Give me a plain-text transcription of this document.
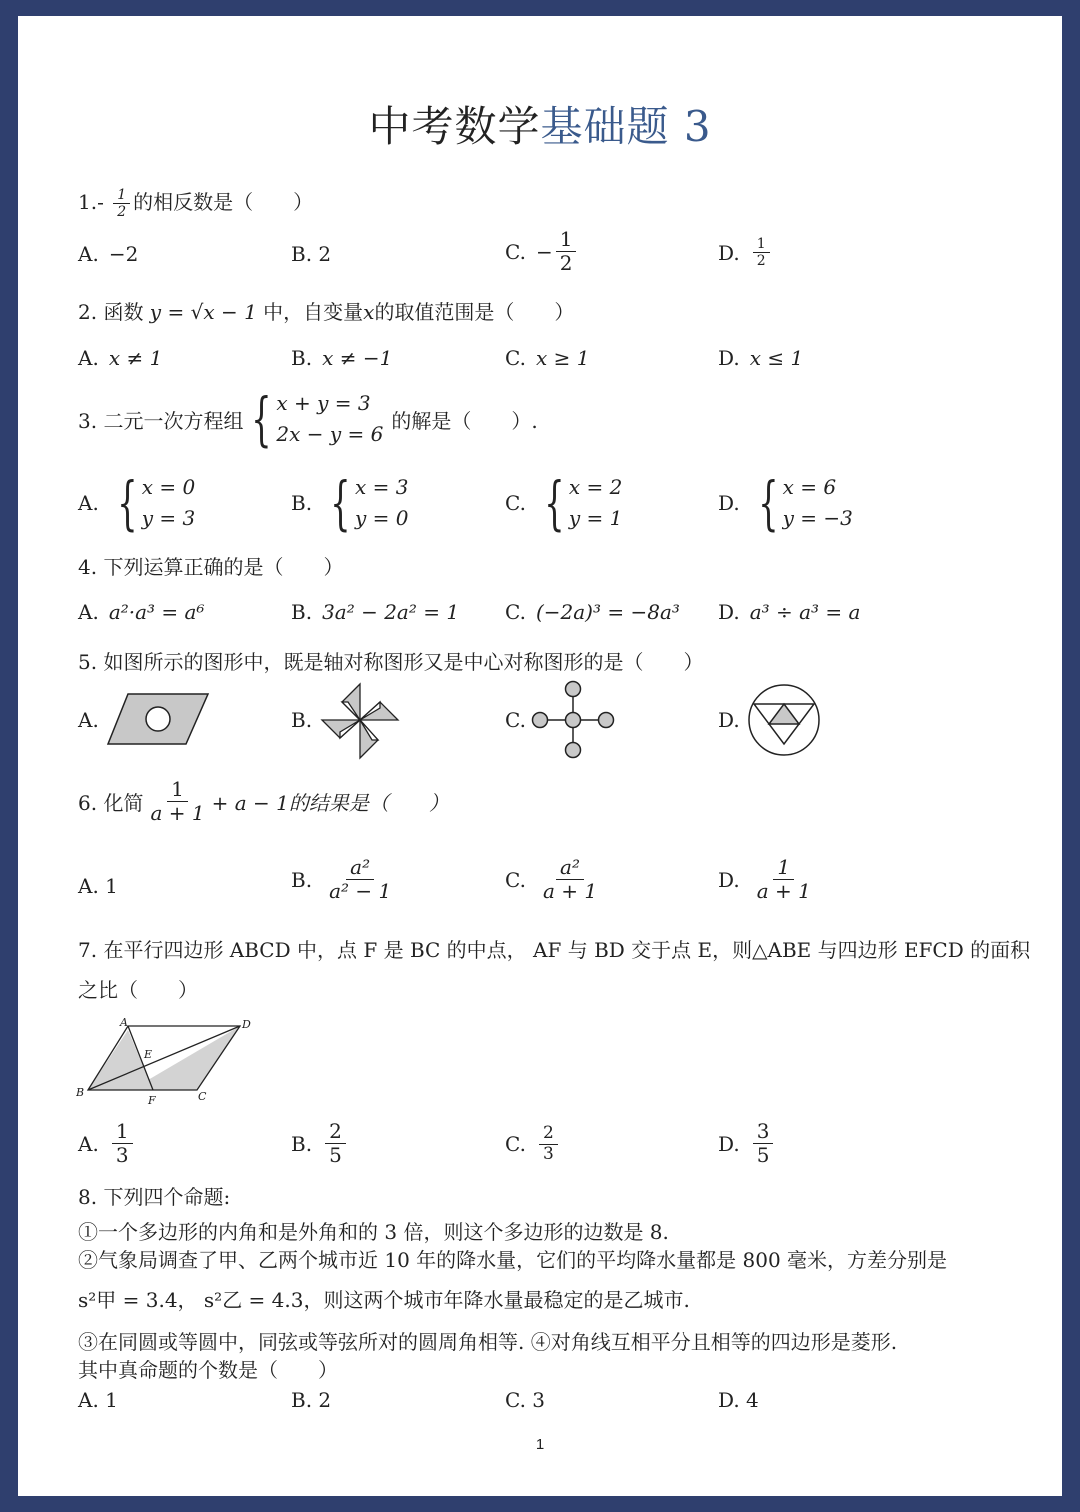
中考数学基础题 3
$1.- \frac{1}{2}$ 的相反数是（　　）
A. −2	B. 2	C. − $\frac{1}{2}$	D. $\frac{1}{2}$
2. 函数 y = √x − 1 中，自变量x的取值范围是（　　）
A. x ≠ 1	B. x ≠ −1	C. x ≥ 1	D. x ≤ 1
3. 二元一次方程组 { x + y = 3
2x − y = 6
的解是（　　）.
A. { x = 0
y = 3
B. { x = 3
y = 0
C. { x = 2
y = 1
D. { x = 6
y = −3
4. 下列运算正确的是（　　）
A. a²·a³ = a⁶	B. 3a² − 2a² = 1 C. (−2a)³ = −8a³ D. a³ ÷ a³ = a
5. 如图所示的图形中，既是轴对称图形又是中心对称图形的是（　　）
A.	B.	C.	D.
6. 化简 $\frac{1}{a + 1} + a - 1$的结果是（　　）
A. 1	B. $\frac{\text{a²}}{\text{a² − 1}}$	C. $\frac{\text{a²}}{a + 1}$	D. $\frac{1}{a + 1}$
7. 在平行四边形 ABCD 中，点 F 是 BC 的中点， AF 与 BD 交于点 E，则△ABE 与四边形 EFCD 的面积
之比（　　）
A	D
B
F	C
E
A. $\frac{1}{3}$	B. $\frac{2}{5}$	C. $\frac{2}{3}$	D. $\frac{3}{5}$
8. 下列四个命题:
①一个多边形的内角和是外角和的 3 倍，则这个多边形的边数是 8.
②气象局调查了甲、乙两个城市近 10 年的降水量，它们的平均降水量都是 800 毫米，方差分别是
s²甲 = 3.4， s²乙 = 4.3，则这两个城市年降水量最稳定的是乙城市.
③在同圆或等圆中，同弦或等弦所对的圆周角相等. ④对角线互相平分且相等的四边形是菱形.
其中真命题的个数是（　　）
A. 1	B. 2	C. 3	D. 4
1
